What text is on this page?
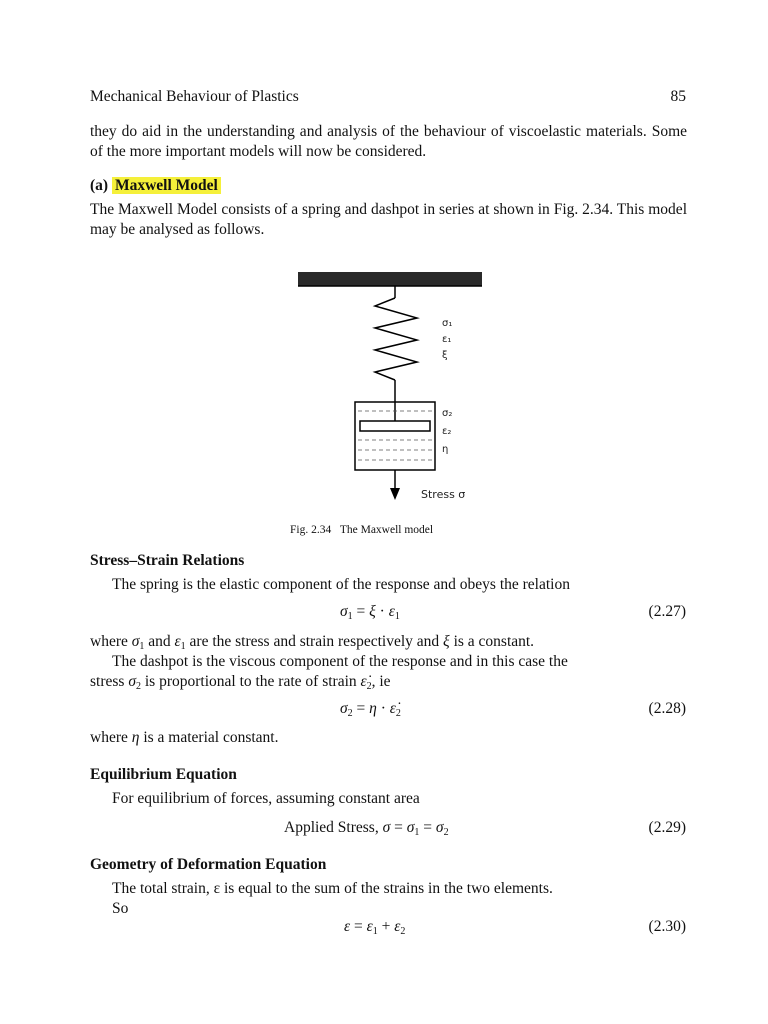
Mechanical Behaviour of Plastics	85
they do aid in the understanding and analysis of the behaviour of viscoelastic materials. Some of the more important models will now be considered.
(a) Maxwell Model
The Maxwell Model consists of a spring and dashpot in series at shown in Fig. 2.34. This model may be analysed as follows.
σ₁
ε₁
ξ
σ₂
ε₂
η
Stress σ
Fig. 2.34 The Maxwell model
Stress–Strain Relations
The spring is the elastic component of the response and obeys the relation
$\sigma_1 = \xi \cdot \varepsilon_1$	(2.27)
where $\sigma_1$ and $\varepsilon_1$ are the stress and strain respectively and ξ is a constant.
The dashpot is the viscous component of the response and in this case the
stress $\sigma_2$ is proportional to the rate of strain $\varepsiloṅ_2$, ie
$\sigma_2 = \eta$ · $\varepsiloṅ_2$	(2.28)
where η is a material constant.
Equilibrium Equation
For equilibrium of forces, assuming constant area
Applied Stress, $\sigma = \sigma_1 = \sigma_2$	(2.29)
Geometry of Deformation Equation
The total strain, ε is equal to the sum of the strains in the two elements.
So
$\varepsilon = \varepsilon_1 + \varepsilon_2$	(2.30)
